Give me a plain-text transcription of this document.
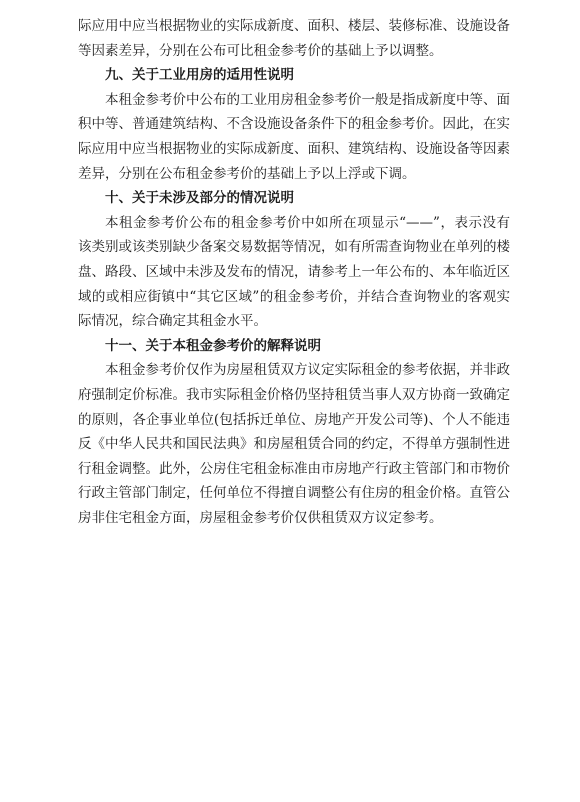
际应用中应当根据物业的实际成新度、面积、楼层、装修标准、设施设备等因素差异，分别在公布可比租金参考价的基础上予以调整。

九、关于工业用房的适用性说明

本租金参考价中公布的工业用房租金参考价一般是指成新度中等、面积中等、普通建筑结构、不含设施设备条件下的租金参考价。因此，在实际应用中应当根据物业的实际成新度、面积、建筑结构、设施设备等因素差异，分别在公布租金参考价的基础上予以上浮或下调。

十、关于未涉及部分的情况说明

本租金参考价公布的租金参考价中如所在项显示“——”，表示没有该类别或该类别缺少备案交易数据等情况，如有所需查询物业在单列的楼盘、路段、区域中未涉及发布的情况，请参考上一年公布的、本年临近区域的或相应街镇中“其它区域”的租金参考价，并结合查询物业的客观实际情况，综合确定其租金水平。

十一、关于本租金参考价的解释说明

本租金参考价仅作为房屋租赁双方议定实际租金的参考依据，并非政府强制定价标准。我市实际租金价格仍坚持租赁当事人双方协商一致确定的原则，各企事业单位(包括拆迁单位、房地产开发公司等)、个人不能违反《中华人民共和国民法典》和房屋租赁合同的约定，不得单方强制性进行租金调整。此外，公房住宅租金标准由市房地产行政主管部门和市物价行政主管部门制定，任何单位不得擅自调整公有住房的租金价格。直管公房非住宅租金方面，房屋租金参考价仅供租赁双方议定参考。
